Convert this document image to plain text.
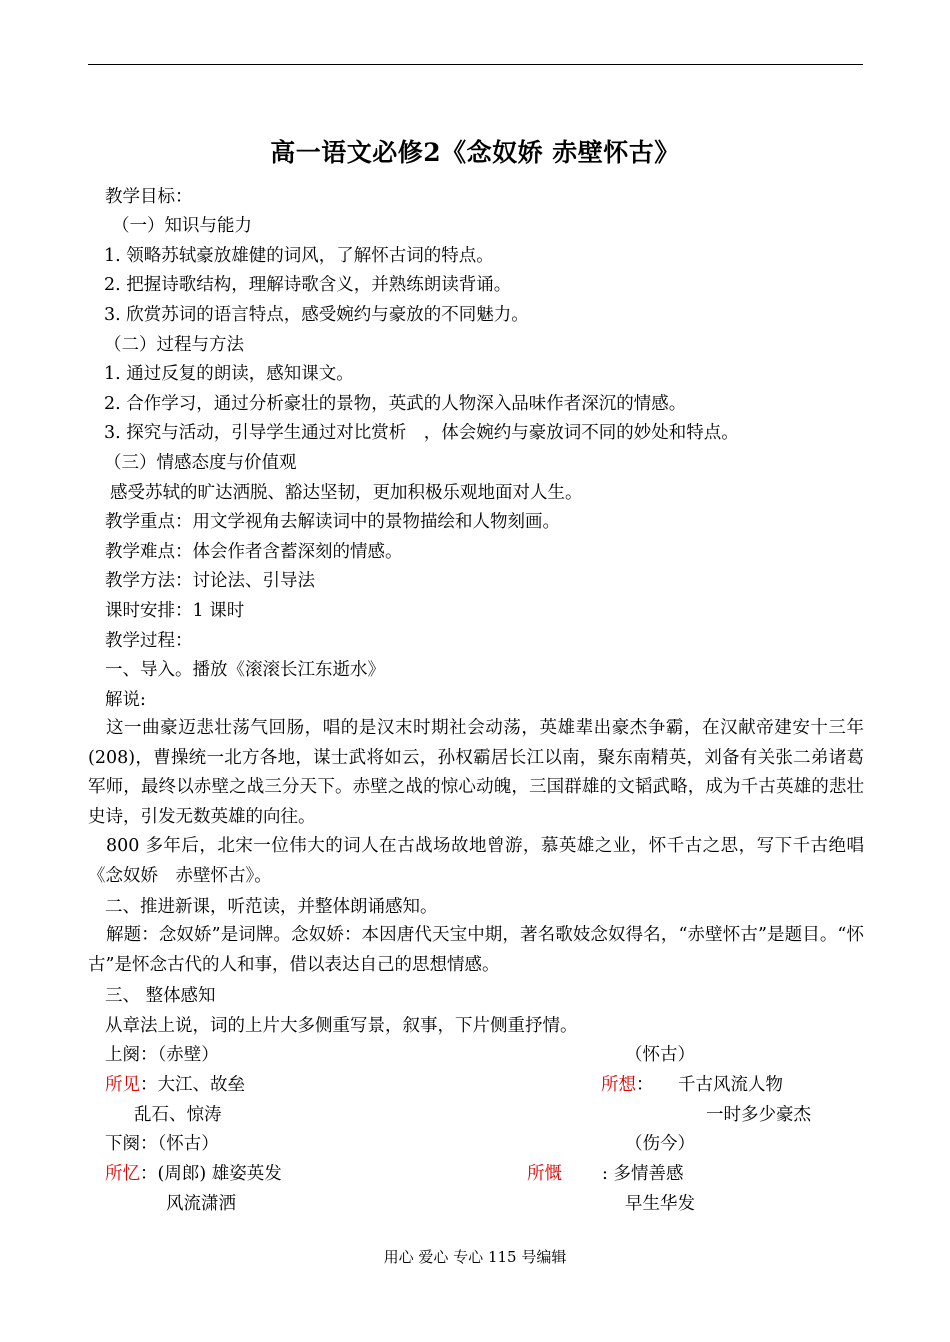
高一语文必修2《念奴娇 赤壁怀古》
教学目标：
（一）知识与能力
1. 领略苏轼豪放雄健的词风，了解怀古词的特点。
2. 把握诗歌结构，理解诗歌含义，并熟练朗读背诵。
3. 欣赏苏词的语言特点，感受婉约与豪放的不同魅力。
（二）过程与方法
1. 通过反复的朗读，感知课文。
2. 合作学习，通过分析豪壮的景物，英武的人物深入品味作者深沉的情感。
3. 探究与活动，引导学生通过对比赏析　，体会婉约与豪放词不同的妙处和特点。
（三）情感态度与价值观
感受苏轼的旷达洒脱、豁达坚韧，更加积极乐观地面对人生。
教学重点：用文学视角去解读词中的景物描绘和人物刻画。
教学难点：体会作者含蓄深刻的情感。
教学方法：讨论法、引导法
课时安排：1 课时
教学过程：
一、导入。播放《滚滚长江东逝水》
解说:
这一曲豪迈悲壮荡气回肠，唱的是汉末时期社会动荡，英雄辈出豪杰争霸，在汉献帝建安十三年(208)，曹操统一北方各地，谋士武将如云，孙权霸居长江以南，聚东南精英，刘备有关张二弟诸葛军师，最终以赤壁之战三分天下。赤壁之战的惊心动魄，三国群雄的文韬武略，成为千古英雄的悲壮史诗，引发无数英雄的向往。
800 多年后，北宋一位伟大的词人在古战场故地曾游，慕英雄之业，怀千古之思，写下千古绝唱《念奴娇　赤壁怀古》。
二、推进新课，听范读，并整体朗诵感知。
解题：念奴娇”是词牌。念奴娇：本因唐代天宝中期，著名歌妓念奴得名，“赤壁怀古”是题目。“怀古”是怀念古代的人和事，借以表达自己的思想情感。
三、 整体感知
从章法上说，词的上片大多侧重写景，叙事，下片侧重抒情。
上阕：（赤壁）	（怀古）
所见：大江、故垒	所想： 千古风流人物
乱石、惊涛	一时多少豪杰
下阕：（怀古）	（伤今）
所忆：(周郎) 雄姿英发	所慨 : 多情善感
风流潇洒	早生华发
用心 爱心 专心 115 号编辑
